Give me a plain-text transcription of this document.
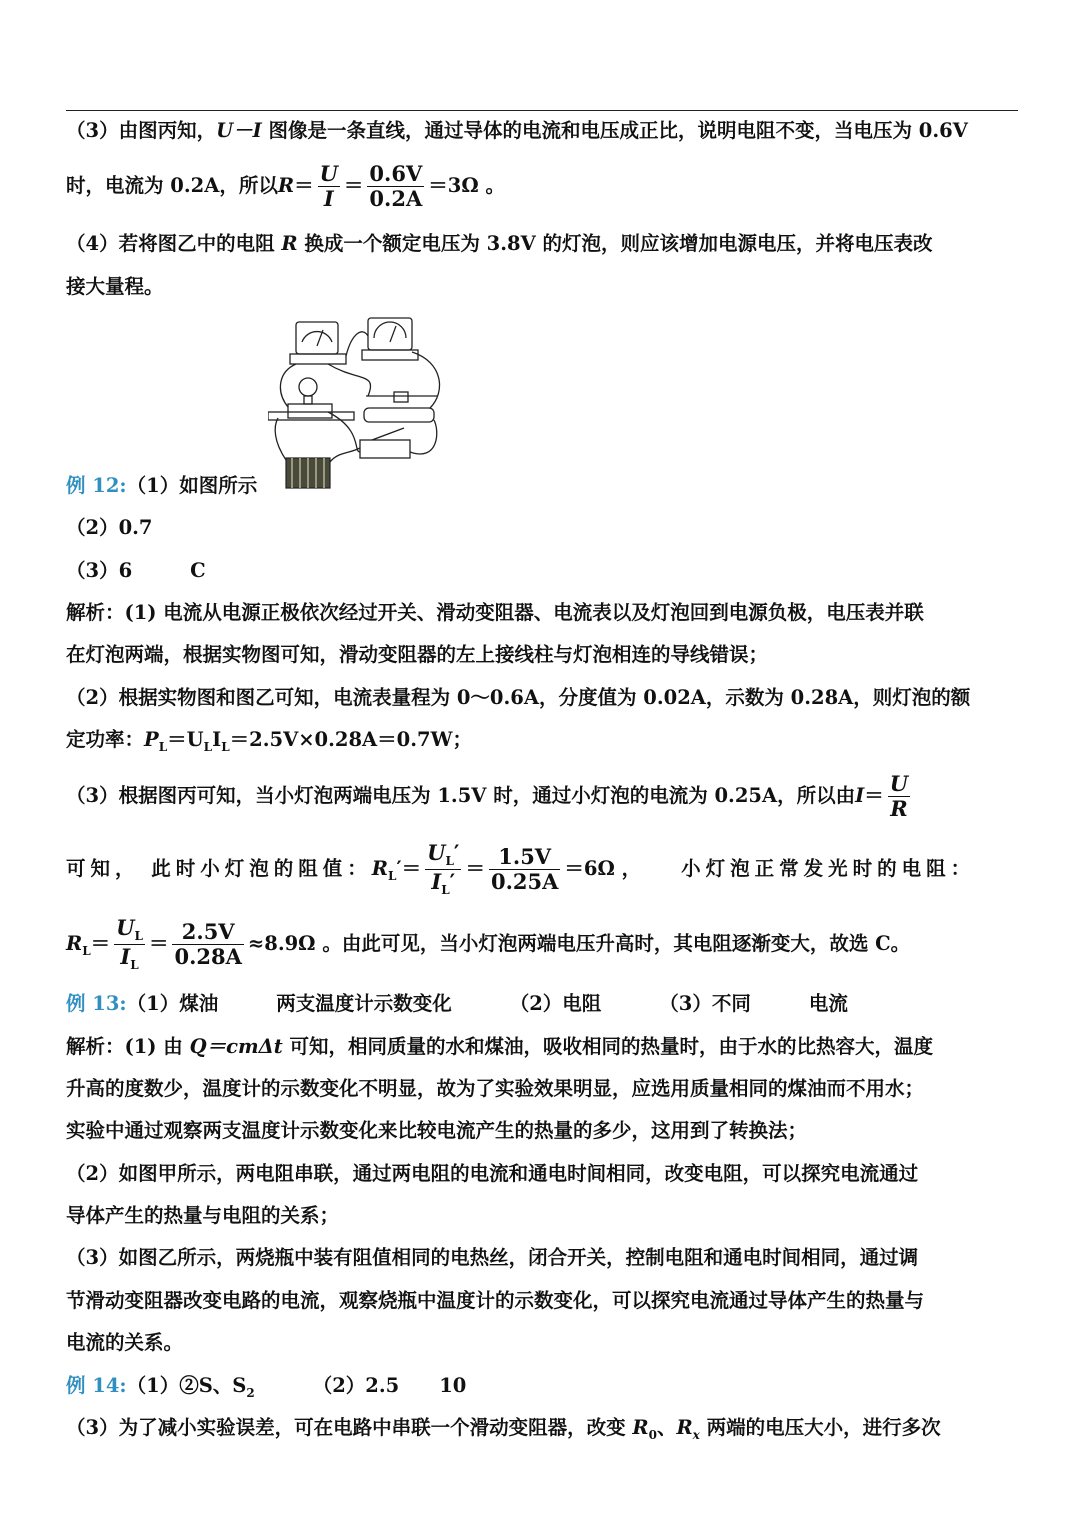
（3）由图丙知，U－I 图像是一条直线，通过导体的电流和电压成正比，说明电阻不变，当电压为 0.6V
时，电流为 0.2A，所以$R= \frac{U}{I} = \frac{0.6V}{0.2A} =3\Omega$ 。
（4）若将图乙中的电阻 R 换成一个额定电压为 3.8V 的灯泡，则应该增加电源电压，并将电压表改
接大量程。
例 12:（1）如图所示
（2）0.7
（3）6	C
解析：(1) 电流从电源正极依次经过开关、滑动变阻器、电流表以及灯泡回到电源负极，电压表并联
在灯泡两端，根据实物图可知，滑动变阻器的左上接线柱与灯泡相连的导线错误；
（2）根据实物图和图乙可知，电流表量程为 0～0.6A，分度值为 0.02A，示数为 0.28A，则灯泡的额
定功率：$P_L=U_LI_L=2.5V\times 0.28A=0.7W$；
（3）根据图丙可知，当小灯泡两端电压为 1.5V 时，通过小灯泡的电流为 0.25A，所以由$I= \frac{U}{R}$
可知， 此时小灯泡的阻值：$R_L'= \frac{U_L'}{I_L'} = \frac{1.5V}{0.25A} =6\Omega$ ， 小灯泡正常发光时的电阻：
$R_L= \frac{U_L}{I_L} = \frac{2.5V}{0.28A} \approx 8.9\Omega$ 。由此可见，当小灯泡两端电压升高时，其电阻逐渐变大，故选 C。
例 13:（1）煤油	两支温度计示数变化	（2）电阻	（3）不同	电流
解析：(1) 由 Q＝cmΔt 可知，相同质量的水和煤油，吸收相同的热量时，由于水的比热容大，温度
升高的度数少，温度计的示数变化不明显，故为了实验效果明显，应选用质量相同的煤油而不用水；
实验中通过观察两支温度计示数变化来比较电流产生的热量的多少，这用到了转换法；
（2）如图甲所示，两电阻串联，通过两电阻的电流和通电时间相同，改变电阻，可以探究电流通过
导体产生的热量与电阻的关系；
（3）如图乙所示，两烧瓶中装有阻值相同的电热丝，闭合开关，控制电阻和通电时间相同，通过调
节滑动变阻器改变电路的电流，观察烧瓶中温度计的示数变化，可以探究电流通过导体产生的热量与
电流的关系。
例 14:（1）②S、$S_2$	（2）2.5 10
（3）为了减小实验误差，可在电路中串联一个滑动变阻器，改变 $R_0$、$R_x$ 两端的电压大小，进行多次
